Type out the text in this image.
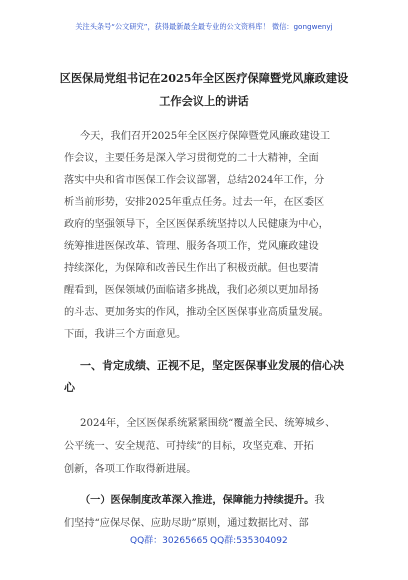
关注头条号“公文研究”，获得最新最全最专业的公文资料库！ 微信：gongwenyj
区医保局党组书记在2025年全区医疗保障暨党风廉政建设
工作会议上的讲话
今天，我们召开2025年全区医疗保障暨党风廉政建设工
作会议，主要任务是深入学习贯彻党的二十大精神，全面
落实中央和省市医保工作会议部署，总结2024年工作，分
析当前形势，安排2025年重点任务。过去一年，在区委区
政府的坚强领导下，全区医保系统坚持以人民健康为中心，
统筹推进医保改革、管理、服务各项工作，党风廉政建设
持续深化，为保障和改善民生作出了积极贡献。但也要清
醒看到，医保领域仍面临诸多挑战，我们必须以更加昂扬
的斗志、更加务实的作风，推动全区医保事业高质量发展。
下面，我讲三个方面意见。
一、肯定成绩、正视不足，坚定医保事业发展的信心决
心
2024年，全区医保系统紧紧围绕“覆盖全民、统筹城乡、
公平统一、安全规范、可持续”的目标，攻坚克难、开拓
创新，各项工作取得新进展。
（一）医保制度改革深入推进，保障能力持续提升。我
们坚持“应保尽保、应助尽助”原则，通过数据比对、部
QQ群：30265665 QQ群:535304092
